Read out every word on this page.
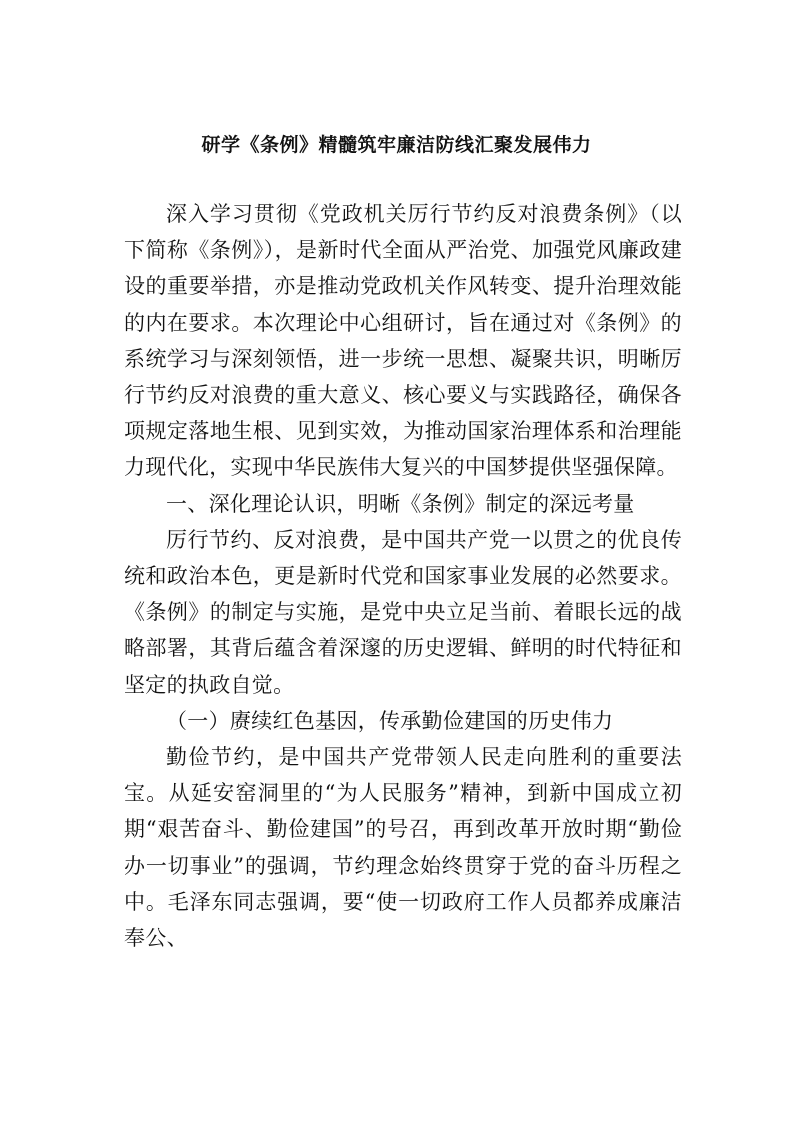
研学《条例》精髓筑牢廉洁防线汇聚发展伟力

深入学习贯彻《党政机关厉行节约反对浪费条例》（以下简称《条例》），是新时代全面从严治党、加强党风廉政建设的重要举措，亦是推动党政机关作风转变、提升治理效能的内在要求。本次理论中心组研讨，旨在通过对《条例》的系统学习与深刻领悟，进一步统一思想、凝聚共识，明晰厉行节约反对浪费的重大意义、核心要义与实践路径，确保各项规定落地生根、见到实效，为推动国家治理体系和治理能力现代化，实现中华民族伟大复兴的中国梦提供坚强保障。

一、深化理论认识，明晰《条例》制定的深远考量

厉行节约、反对浪费，是中国共产党一以贯之的优良传统和政治本色，更是新时代党和国家事业发展的必然要求。《条例》的制定与实施，是党中央立足当前、着眼长远的战略部署，其背后蕴含着深邃的历史逻辑、鲜明的时代特征和坚定的执政自觉。

（一）赓续红色基因，传承勤俭建国的历史伟力

勤俭节约，是中国共产党带领人民走向胜利的重要法宝。从延安窑洞里的“为人民服务”精神，到新中国成立初期“艰苦奋斗、勤俭建国”的号召，再到改革开放时期“勤俭办一切事业”的强调，节约理念始终贯穿于党的奋斗历程之中。毛泽东同志强调，要“使一切政府工作人员都养成廉洁奉公、
